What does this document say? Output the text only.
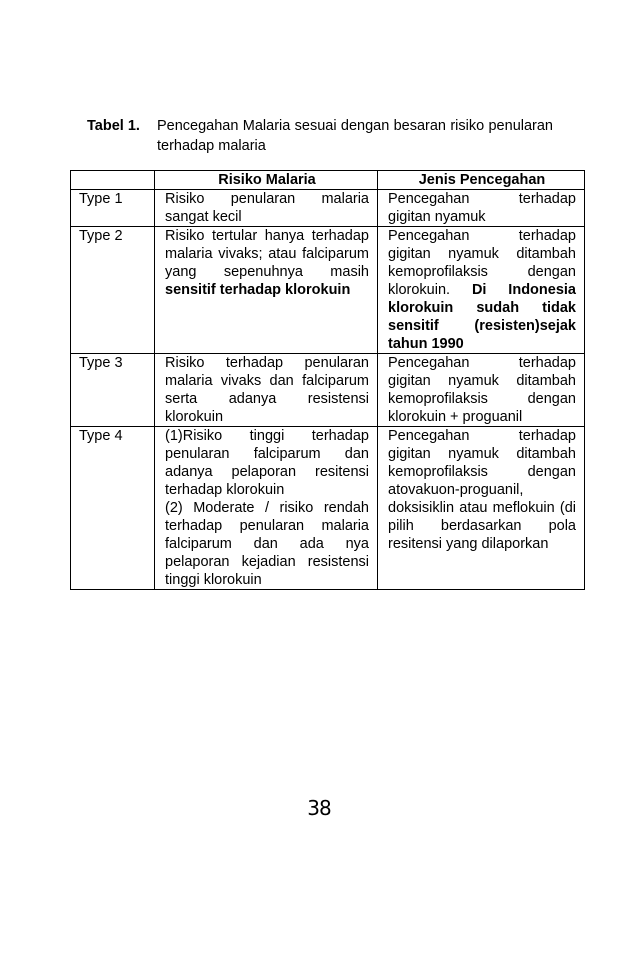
Tabel 1. Pencegahan Malaria sesuai dengan besaran risiko penularan terhadap malaria
	Risiko Malaria	Jenis Pencegahan
Type 1	Risiko penularan malaria sangat kecil	Pencegahan terhadap gigitan nyamuk
Type 2	Risiko tertular hanya terhadap malaria vivaks; atau falciparum yang sepenuhnya masih sensitif terhadap klorokuin	Pencegahan terhadap gigitan nyamuk ditambah kemoprofilaksis dengan klorokuin. Di Indonesia klorokuin sudah tidak sensitif (resisten)sejak tahun 1990
Type 3	Risiko terhadap penularan malaria vivaks dan falciparum serta adanya resistensi klorokuin	Pencegahan terhadap gigitan nyamuk ditambah kemoprofilaksis dengan klorokuin + proguanil
Type 4	(1)Risiko tinggi terhadap penularan falciparum dan adanya pelaporan resitensi terhadap klorokuin
(2) Moderate / risiko rendah terhadap penularan malaria falciparum dan ada nya pelaporan kejadian resistensi tinggi klorokuin	Pencegahan terhadap gigitan nyamuk ditambah kemoprofilaksis dengan atovakuon-proguanil, doksisiklin atau meflokuin (di pilih berdasarkan pola resitensi yang dilaporkan
38
